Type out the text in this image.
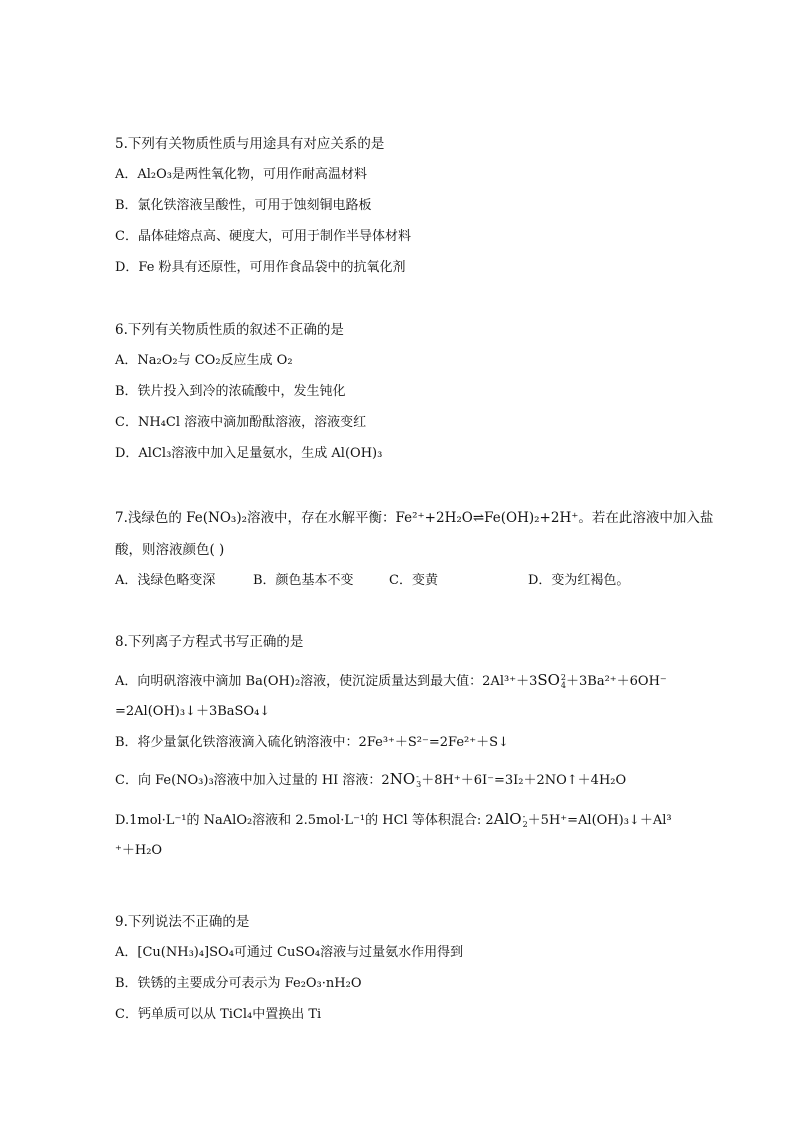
5.下列有关物质性质与用途具有对应关系的是
A．Al₂O₃是两性氧化物，可用作耐高温材料
B．氯化铁溶液呈酸性，可用于蚀刻铜电路板
C．晶体硅熔点高、硬度大，可用于制作半导体材料
D．Fe 粉具有还原性，可用作食品袋中的抗氧化剂
6.下列有关物质性质的叙述不正确的是
A．Na₂O₂与 CO₂反应生成 O₂
B．铁片投入到冷的浓硫酸中，发生钝化
C．NH₄Cl 溶液中滴加酚酞溶液，溶液变红
D．AlCl₃溶液中加入足量氨水，生成 Al(OH)₃
7.浅绿色的 Fe(NO₃)₂溶液中，存在水解平衡：Fe²⁺+2H₂O⇌Fe(OH)₂+2H⁺。若在此溶液中加入盐
酸，则溶液颜色( )
A．浅绿色略变深	B．颜色基本不变	C．变黄	D．变为红褐色。
8.下列离子方程式书写正确的是
A．向明矾溶液中滴加 Ba(OH)₂溶液，使沉淀质量达到最大值：2Al³⁺＋3SO 2
4 ＋3Ba²⁺＋6OH⁻
=2Al(OH)₃↓＋3BaSO₄↓
B．将少量氯化铁溶液滴入硫化钠溶液中：2Fe³⁺＋S²⁻=2Fe²⁺＋S↓
C．向 Fe(NO₃)₃溶液中加入过量的 HI 溶液：2NO -
3 ＋8H⁺＋6I⁻=3I₂＋2NO↑＋4H₂O
D.1mol·L⁻¹的 NaAlO₂溶液和 2.5mol·L⁻¹的 HCl 等体积混合: 2AlO -
2 ＋5H⁺=Al(OH)₃↓＋Al³
⁺＋H₂O
9.下列说法不正确的是
A．[Cu(NH₃)₄]SO₄可通过 CuSO₄溶液与过量氨水作用得到
B．铁锈的主要成分可表示为 Fe₂O₃·nH₂O
C．钙单质可以从 TiCl₄中置换出 Ti
